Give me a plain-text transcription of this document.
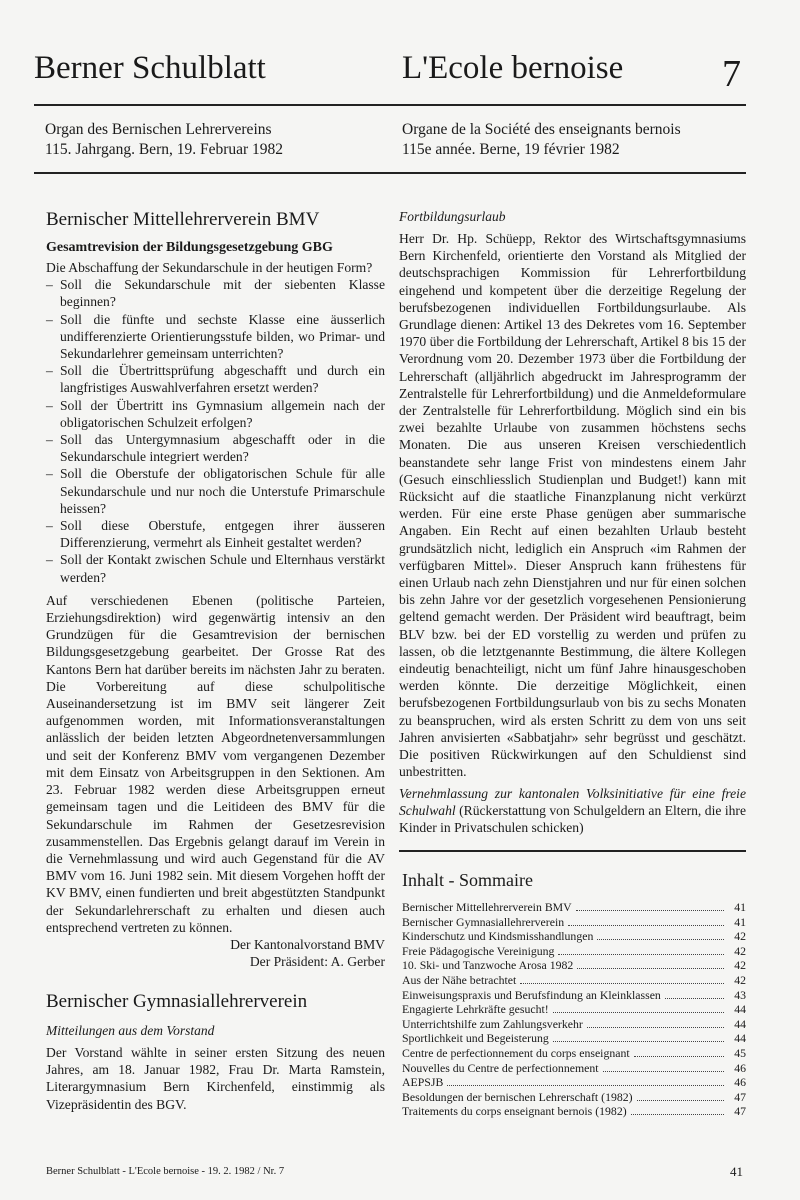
Berner Schulblatt	L'Ecole bernoise	7
Organ des Bernischen Lehrervereins
115. Jahrgang. Bern, 19. Februar 1982
Organe de la Société des enseignants bernois
115e année. Berne, 19 février 1982
Bernischer Mittellehrerverein BMV
Gesamtrevision der Bildungsgesetzgebung GBG

Die Abschaffung der Sekundarschule in der heutigen Form?

– Soll die Sekundarschule mit der siebenten Klasse beginnen?
– Soll die fünfte und sechste Klasse eine äusserlich undifferenzierte Orientierungsstufe bilden, wo Primar- und Sekundarlehrer gemeinsam unterrichten?
– Soll die Übertrittsprüfung abgeschafft und durch ein langfristiges Auswahlverfahren ersetzt werden?
– Soll der Übertritt ins Gymnasium allgemein nach der obligatorischen Schulzeit erfolgen?
– Soll das Untergymnasium abgeschafft oder in die Sekundarschule integriert werden?
– Soll die Oberstufe der obligatorischen Schule für alle Sekundarschule und nur noch die Unterstufe Primarschule heissen?
– Soll diese Oberstufe, entgegen ihrer äusseren Differenzierung, vermehrt als Einheit gestaltet werden?
– Soll der Kontakt zwischen Schule und Elternhaus verstärkt werden?

Auf verschiedenen Ebenen (politische Parteien, Erziehungsdirektion) wird gegenwärtig intensiv an den Grundzügen für die Gesamtrevision der bernischen Bildungsgesetzgebung gearbeitet. Der Grosse Rat des Kantons Bern hat darüber bereits im nächsten Jahr zu beraten. Die Vorbereitung auf diese schulpolitische Auseinandersetzung ist im BMV seit längerer Zeit aufgenommen worden, mit Informationsveranstaltungen anlässlich der beiden letzten Abgeordnetenversammlungen und seit der Konferenz BMV vom vergangenen Dezember mit dem Einsatz von Arbeitsgruppen in den Sektionen. Am 23. Februar 1982 werden diese Arbeitsgruppen erneut gemeinsam tagen und die Leitideen des BMV für die Sekundarschule im Rahmen der Gesetzesrevision zusammenstellen. Das Ergebnis gelangt darauf im Verein in die Vernehmlassung und wird auch Gegenstand für die AV BMV vom 16. Juni 1982 sein. Mit diesem Vorgehen hofft der KV BMV, einen fundierten und breit abgestützten Standpunkt der Sekundarlehrerschaft zu erhalten und diesen auch entsprechend vertreten zu können.

Der Kantonalvorstand BMV
Der Präsident: A. Gerber
Bernischer Gymnasiallehrerverein
Mitteilungen aus dem Vorstand
Der Vorstand wählte in seiner ersten Sitzung des neuen Jahres, am 18. Januar 1982, Frau Dr. Marta Ramstein, Literargymnasium Bern Kirchenfeld, einstimmig als Vizepräsidentin des BGV.
Fortbildungsurlaub
Herr Dr. Hp. Schüepp, Rektor des Wirtschaftsgymnasiums Bern Kirchenfeld, orientierte den Vorstand als Mitglied der deutschsprachigen Kommission für Lehrerfortbildung eingehend und kompetent über die derzeitige Regelung der berufsbezogenen individuellen Fortbildungsurlaube. Als Grundlage dienen: Artikel 13 des Dekretes vom 16. September 1970 über die Fortbildung der Lehrerschaft, Artikel 8 bis 15 der Verordnung vom 20. Dezember 1973 über die Fortbildung der Lehrerschaft (alljährlich abgedruckt im Jahresprogramm der Zentralstelle für Lehrerfortbildung) und die Anmeldeformulare der Zentralstelle für Lehrerfortbildung. Möglich sind ein bis zwei bezahlte Urlaube von zusammen höchstens sechs Monaten. Die aus unseren Kreisen verschiedentlich beanstandete sehr lange Frist von mindestens einem Jahr (Gesuch einschliesslich Studienplan und Budget!) kann mit Rücksicht auf die staatliche Finanzplanung nicht verkürzt werden. Für eine erste Phase genügen aber summarische Angaben. Ein Recht auf einen bezahlten Urlaub besteht grundsätzlich nicht, lediglich ein Anspruch «im Rahmen der verfügbaren Mittel». Dieser Anspruch kann frühestens für einen Urlaub nach zehn Dienstjahren und nur für einen solchen bis zehn Jahre vor der gesetzlich vorgesehenen Pensionierung geltend gemacht werden. Der Präsident wird beauftragt, beim BLV bzw. bei der ED vorstellig zu werden und prüfen zu lassen, ob die letztgenannte Bestimmung, die ältere Kollegen eindeutig benachteiligt, nicht um fünf Jahre hinausgeschoben werden könnte. Die derzeitige Möglichkeit, einen berufsbezogenen Fortbildungsurlaub von bis zu sechs Monaten zu beanspruchen, wird als ersten Schritt zu dem von uns seit Jahren anvisierten «Sabbatjahr» sehr begrüsst und geschätzt. Die positiven Rückwirkungen auf den Schuldienst sind unbestritten.
Vernehmlassung zur kantonalen Volksinitiative für eine freie Schulwahl (Rückerstattung von Schulgeldern an Eltern, die ihre Kinder in Privatschulen schicken)
Inhalt - Sommaire
Bernischer Mittellehrerverein BMV	41
Bernischer Gymnasiallehrerverein	41
Kinderschutz und Kindsmisshandlungen	42
Freie Pädagogische Vereinigung	42
10. Ski- und Tanzwoche Arosa 1982	42
Aus der Nähe betrachtet	42
Einweisungspraxis und Berufsfindung an Kleinklassen	43
Engagierte Lehrkräfte gesucht!	44
Unterrichtshilfe zum Zahlungsverkehr	44
Sportlichkeit und Begeisterung	44
Centre de perfectionnement du corps enseignant	45
Nouvelles du Centre de perfectionnement	46
AEPSJB	46
Besoldungen der bernischen Lehrerschaft (1982)	47
Traitements du corps enseignant bernois (1982)	47
Berner Schulblatt - L'Ecole bernoise - 19. 2. 1982 / Nr. 7	41
